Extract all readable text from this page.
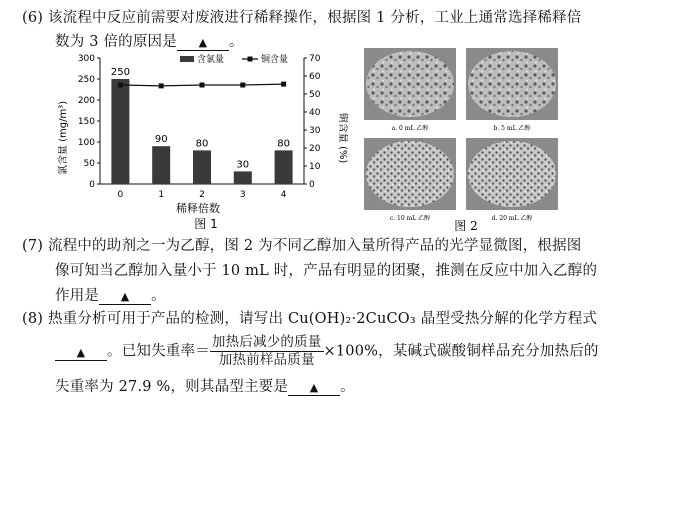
(6) 该流程中反应前需要对废液进行稀释操作，根据图 1 分析，工业上通常选择稀释倍
数为 3 倍的原因是 ▲ 。
0
50
100
150
200
250
300
0
10
20
30
40
50
60
70
0	1	2	3	4
250
90	80
30
80
含氯量	铜含量
氯含量 (mg/m³)	铜含量 (%)
稀释倍数
图 1
a. 0 mL 乙醇	b. 5 mL 乙醇
c. 10 mL 乙醇	d. 20 mL 乙醇
图 2
(7) 流程中的助剂之一为乙醇，图 2 为不同乙醇加入量所得产品的光学显微图，根据图
像可知当乙醇加入量小于 10 mL 时，产品有明显的团聚，推测在反应中加入乙醇的
作用是 ▲ 。
(8) 热重分析可用于产品的检测，请写出 Cu(OH)₂·2CuCO₃ 晶型受热分解的化学方程式
▲ 。已知失重率＝ $\frac{\text{加热后减少的质量}}{\text{加热前样品质量}} \times 100\%$，某碱式碳酸铜样品充分加热后的
失重率为 27.9 %，则其晶型主要是 ▲ 。
